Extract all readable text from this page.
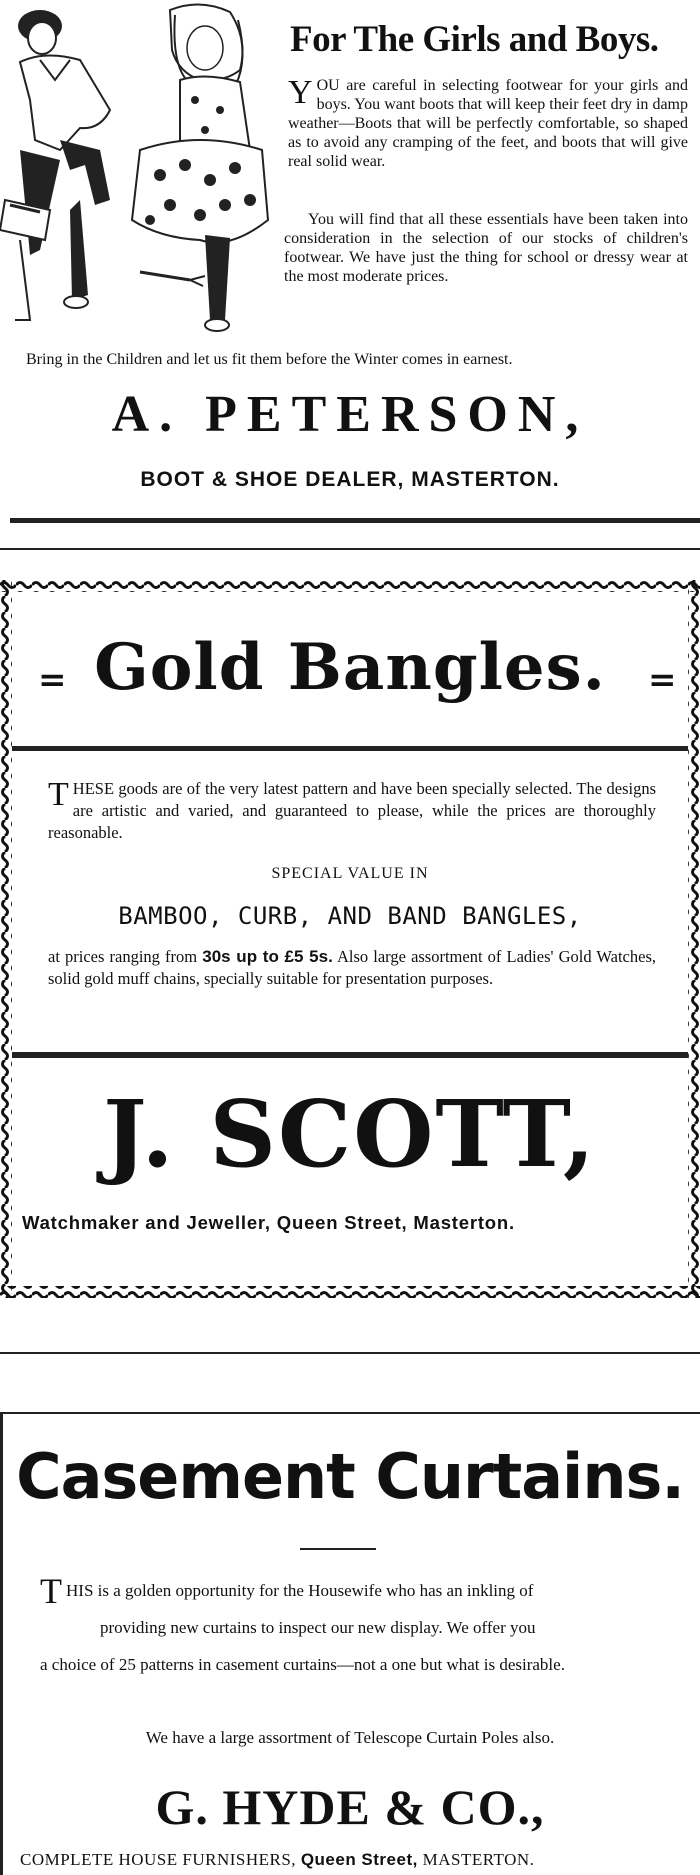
For The Girls and Boys.
YOU are careful in selecting footwear for your girls and boys. You want boots that will keep their feet dry in damp weather—Boots that will be perfectly comfortable, so shaped as to avoid any cramping of the feet, and boots that will give real solid wear.
You will find that all these essentials have been taken into consideration in the selection of our stocks of children's footwear. We have just the thing for school or dressy wear at the most moderate prices.
Bring in the Children and let us fit them before the Winter comes in earnest.
A. PETERSON,
BOOT & SHOE DEALER, MASTERTON.
= Gold Bangles.	=
THESE goods are of the very latest pattern and have been specially selected. The designs are artistic and varied, and guaranteed to please, while the prices are thoroughly reasonable.
SPECIAL VALUE IN
BAMBOO, CURB, AND BAND BANGLES,
at prices ranging from 30s up to £5 5s. Also large assortment of Ladies' Gold Watches, solid gold muff chains, specially suitable for presentation purposes.
J. SCOTT,
Watchmaker and Jeweller, Queen Street, Masterton.
Casement Curtains.
THIS is a golden opportunity for the Housewife who has an inkling of
providing new curtains to inspect our new display. We offer you
a choice of 25 patterns in casement curtains—not a one but what is desirable.
We have a large assortment of Telescope Curtain Poles also.
G. HYDE & CO.,
COMPLETE HOUSE FURNISHERS, Queen Street, MASTERTON.
